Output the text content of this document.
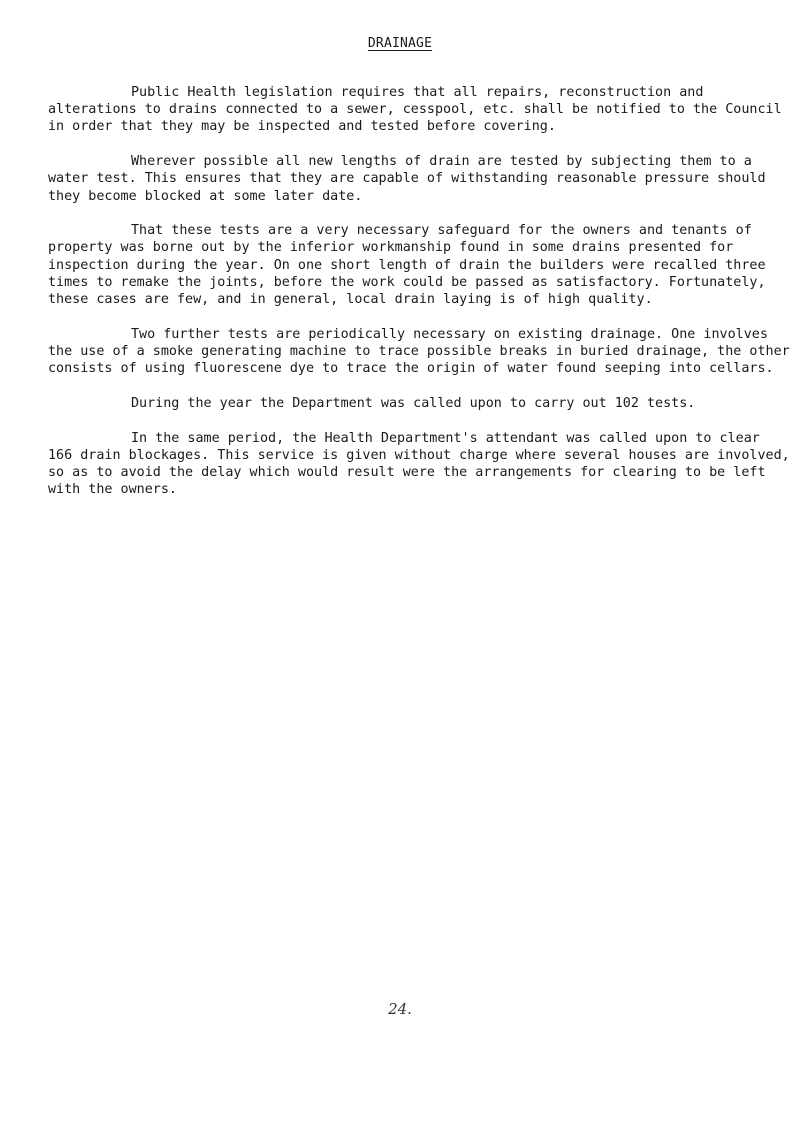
DRAINAGE

Public Health legislation requires that all repairs, reconstruction and alterations to drains connected to a sewer, cesspool, etc. shall be notified to the Council in order that they may be inspected and tested before covering.

Wherever possible all new lengths of drain are tested by subjecting them to a water test. This ensures that they are capable of withstanding reasonable pressure should they become blocked at some later date.

That these tests are a very necessary safeguard for the owners and tenants of property was borne out by the inferior workmanship found in some drains presented for inspection during the year. On one short length of drain the builders were recalled three times to remake the joints, before the work could be passed as satisfactory. Fortunately, these cases are few, and in general, local drain laying is of high quality.

Two further tests are periodically necessary on existing drainage. One involves the use of a smoke generating machine to trace possible breaks in buried drainage, the other consists of using fluorescene dye to trace the origin of water found seeping into cellars.

During the year the Department was called upon to carry out 102 tests.

In the same period, the Health Department's attendant was called upon to clear 166 drain blockages. This service is given without charge where several houses are involved, so as to avoid the delay which would result were the arrangements for clearing to be left with the owners.

24.
